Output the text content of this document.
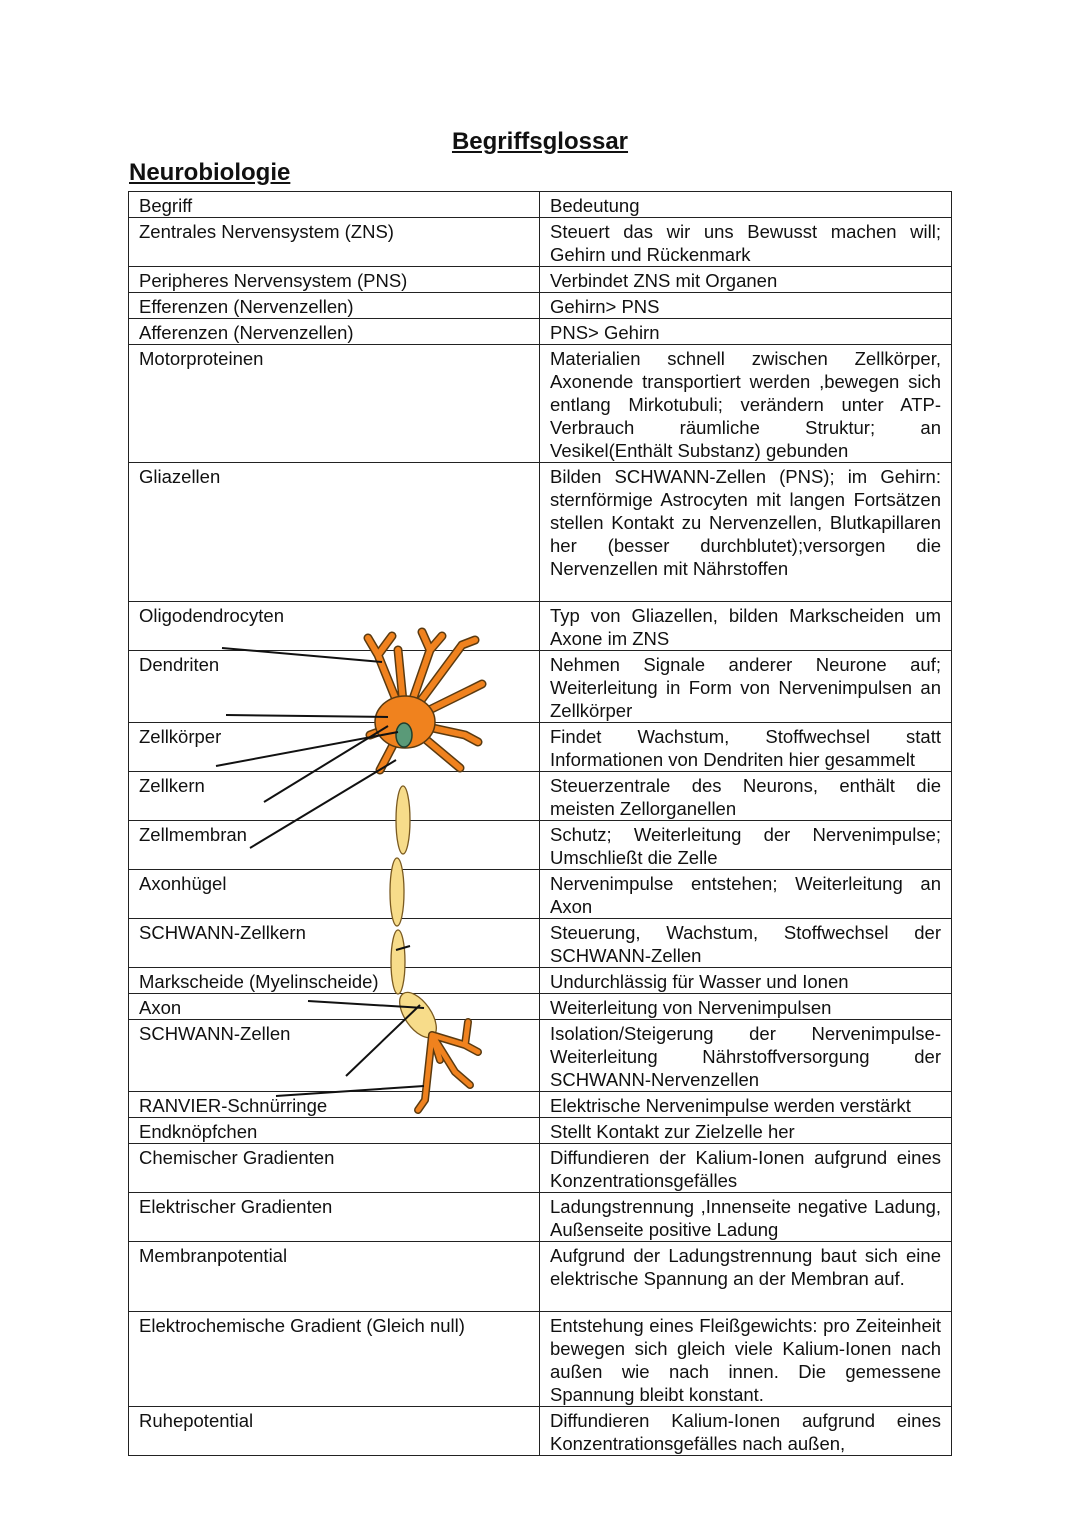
Begriffsglossar
Neurobiologie
Begriff	Bedeutung
Zentrales Nervensystem (ZNS)	Steuert das wir uns Bewusst machen will; Gehirn und Rückenmark
Peripheres Nervensystem (PNS)	Verbindet ZNS mit Organen
Efferenzen (Nervenzellen)	Gehirn> PNS
Afferenzen (Nervenzellen)	PNS> Gehirn
Motorproteinen	Materialien schnell zwischen Zellkörper, Axonende transportiert werden ,bewegen sich entlang Mirkotubuli; verändern unter ATP-Verbrauch räumliche Struktur; an Vesikel(Enthält Substanz) gebunden
Gliazellen	Bilden SCHWANN-Zellen (PNS); im Gehirn: sternförmige Astrocyten mit langen Fortsätzen stellen Kontakt zu Nervenzellen, Blutkapillaren her (besser durchblutet);versorgen die Nervenzellen mit Nährstoffen
Oligodendrocyten	Typ von Gliazellen, bilden Markscheiden um Axone im ZNS
Dendriten	Nehmen Signale anderer Neurone auf; Weiterleitung in Form von Nervenimpulsen an Zellkörper
Zellkörper	Findet Wachstum, Stoffwechsel statt Informationen von Dendriten hier gesammelt
Zellkern	Steuerzentrale des Neurons, enthält die meisten Zellorganellen
Zellmembran	Schutz; Weiterleitung der Nervenimpulse; Umschließt die Zelle
Axonhügel	Nervenimpulse entstehen; Weiterleitung an Axon
SCHWANN-Zellkern	Steuerung, Wachstum, Stoffwechsel der SCHWANN-Zellen
Markscheide (Myelinscheide)	Undurchlässig für Wasser und Ionen
Axon	Weiterleitung von Nervenimpulsen
SCHWANN-Zellen	Isolation/Steigerung der Nervenimpulse- Weiterleitung Nährstoffversorgung der SCHWANN-Nervenzellen
RANVIER-Schnürringe	Elektrische Nervenimpulse werden verstärkt
Endknöpfchen	Stellt Kontakt zur Zielzelle her
Chemischer Gradienten	Diffundieren der Kalium-Ionen aufgrund eines Konzentrationsgefälles
Elektrischer Gradienten	Ladungstrennung ,Innenseite negative Ladung, Außenseite positive Ladung
Membranpotential	Aufgrund der Ladungstrennung baut sich eine elektrische Spannung an der Membran auf.
Elektrochemische Gradient (Gleich null)	Entstehung eines Fleißgewichts: pro Zeiteinheit bewegen sich gleich viele Kalium-Ionen nach außen wie nach innen. Die gemessene Spannung bleibt konstant.
Ruhepotential	Diffundieren Kalium-Ionen aufgrund eines Konzentrationsgefälles nach außen,
